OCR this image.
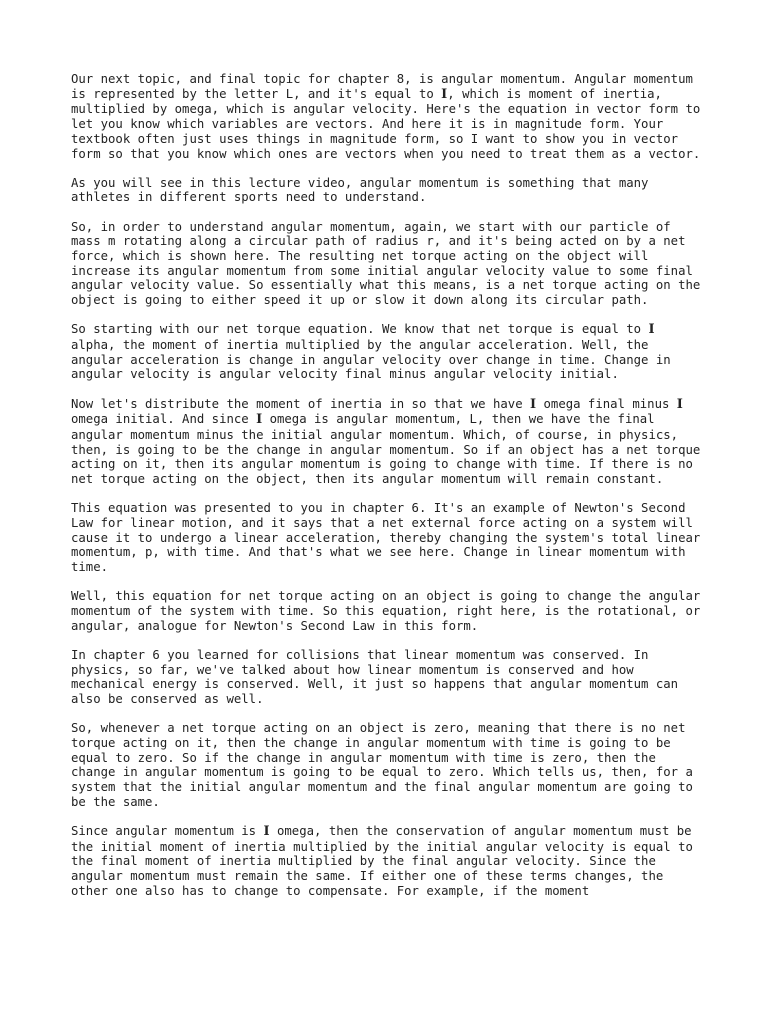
Our next topic, and final topic for chapter 8, is angular momentum. Angular momentum is represented by the letter L, and it's equal to I, which is moment of inertia, multiplied by omega, which is angular velocity. Here's the equation in vector form to let you know which variables are vectors. And here it is in magnitude form. Your textbook often just uses things in magnitude form, so I want to show you in vector form so that you know which ones are vectors when you need to treat them as a vector.

As you will see in this lecture video, angular momentum is something that many athletes in different sports need to understand.

So, in order to understand angular momentum, again, we start with our particle of mass m rotating along a circular path of radius r, and it's being acted on by a net force, which is shown here. The resulting net torque acting on the object will increase its angular momentum from some initial angular velocity value to some final angular velocity value. So essentially what this means, is a net torque acting on the object is going to either speed it up or slow it down along its circular path.

So starting with our net torque equation. We know that net torque is equal to I alpha, the moment of inertia multiplied by the angular acceleration. Well, the angular acceleration is change in angular velocity over change in time. Change in angular velocity is angular velocity final minus angular velocity initial.

Now let's distribute the moment of inertia in so that we have I omega final minus I omega initial. And since I omega is angular momentum, L, then we have the final angular momentum minus the initial angular momentum. Which, of course, in physics, then, is going to be the change in angular momentum. So if an object has a net torque acting on it, then its angular momentum is going to change with time. If there is no net torque acting on the object, then its angular momentum will remain constant.

This equation was presented to you in chapter 6. It's an example of Newton's Second Law for linear motion, and it says that a net external force acting on a system will cause it to undergo a linear acceleration, thereby changing the system's total linear momentum, p, with time. And that's what we see here. Change in linear momentum with time.

Well, this equation for net torque acting on an object is going to change the angular momentum of the system with time. So this equation, right here, is the rotational, or angular, analogue for Newton's Second Law in this form.

In chapter 6 you learned for collisions that linear momentum was conserved. In physics, so far, we've talked about how linear momentum is conserved and how mechanical energy is conserved. Well, it just so happens that angular momentum can also be conserved as well.

So, whenever a net torque acting on an object is zero, meaning that there is no net torque acting on it, then the change in angular momentum with time is going to be equal to zero. So if the change in angular momentum with time is zero, then the change in angular momentum is going to be equal to zero. Which tells us, then, for a system that the initial angular momentum and the final angular momentum are going to be the same.

Since angular momentum is I omega, then the conservation of angular momentum must be the initial moment of inertia multiplied by the initial angular velocity is equal to the final moment of inertia multiplied by the final angular velocity. Since the angular momentum must remain the same. If either one of these terms changes, the other one also has to change to compensate. For example, if the moment
